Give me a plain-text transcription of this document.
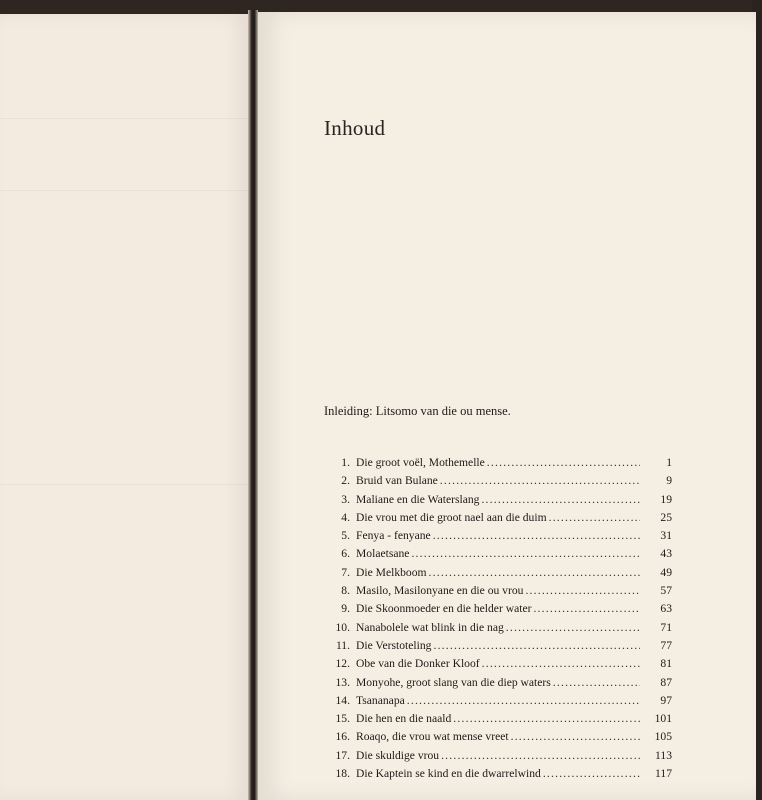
Inhoud
Inleiding: Litsomo van die ou mense.
1. Die groot voël, Mothemelle .....	1
2. Bruid van Bulane .....	9
3. Maliane en die Waterslang .....	19
4. Die vrou met die groot nael aan die duim .....	25
5. Fenya - fenyane .....	31
6. Molaetsane .....	43
7. Die Melkboom .....	49
8. Masilo, Masilonyane en die ou vrou .....	57
9. Die Skoonmoeder en die helder water .....	63
10. Nanabolele wat blink in die nag .....	71
11. Die Verstoteling .....	77
12. Obe van die Donker Kloof .....	81
13. Monyohe, groot slang van die diep waters .....	87
14. Tsananapa .....	97
15. Die hen en die naald .....	101
16. Roaqo, die vrou wat mense vreet .....	105
17. Die skuldige vrou .....	113
18. Die Kaptein se kind en die dwarrelwind .....	117
